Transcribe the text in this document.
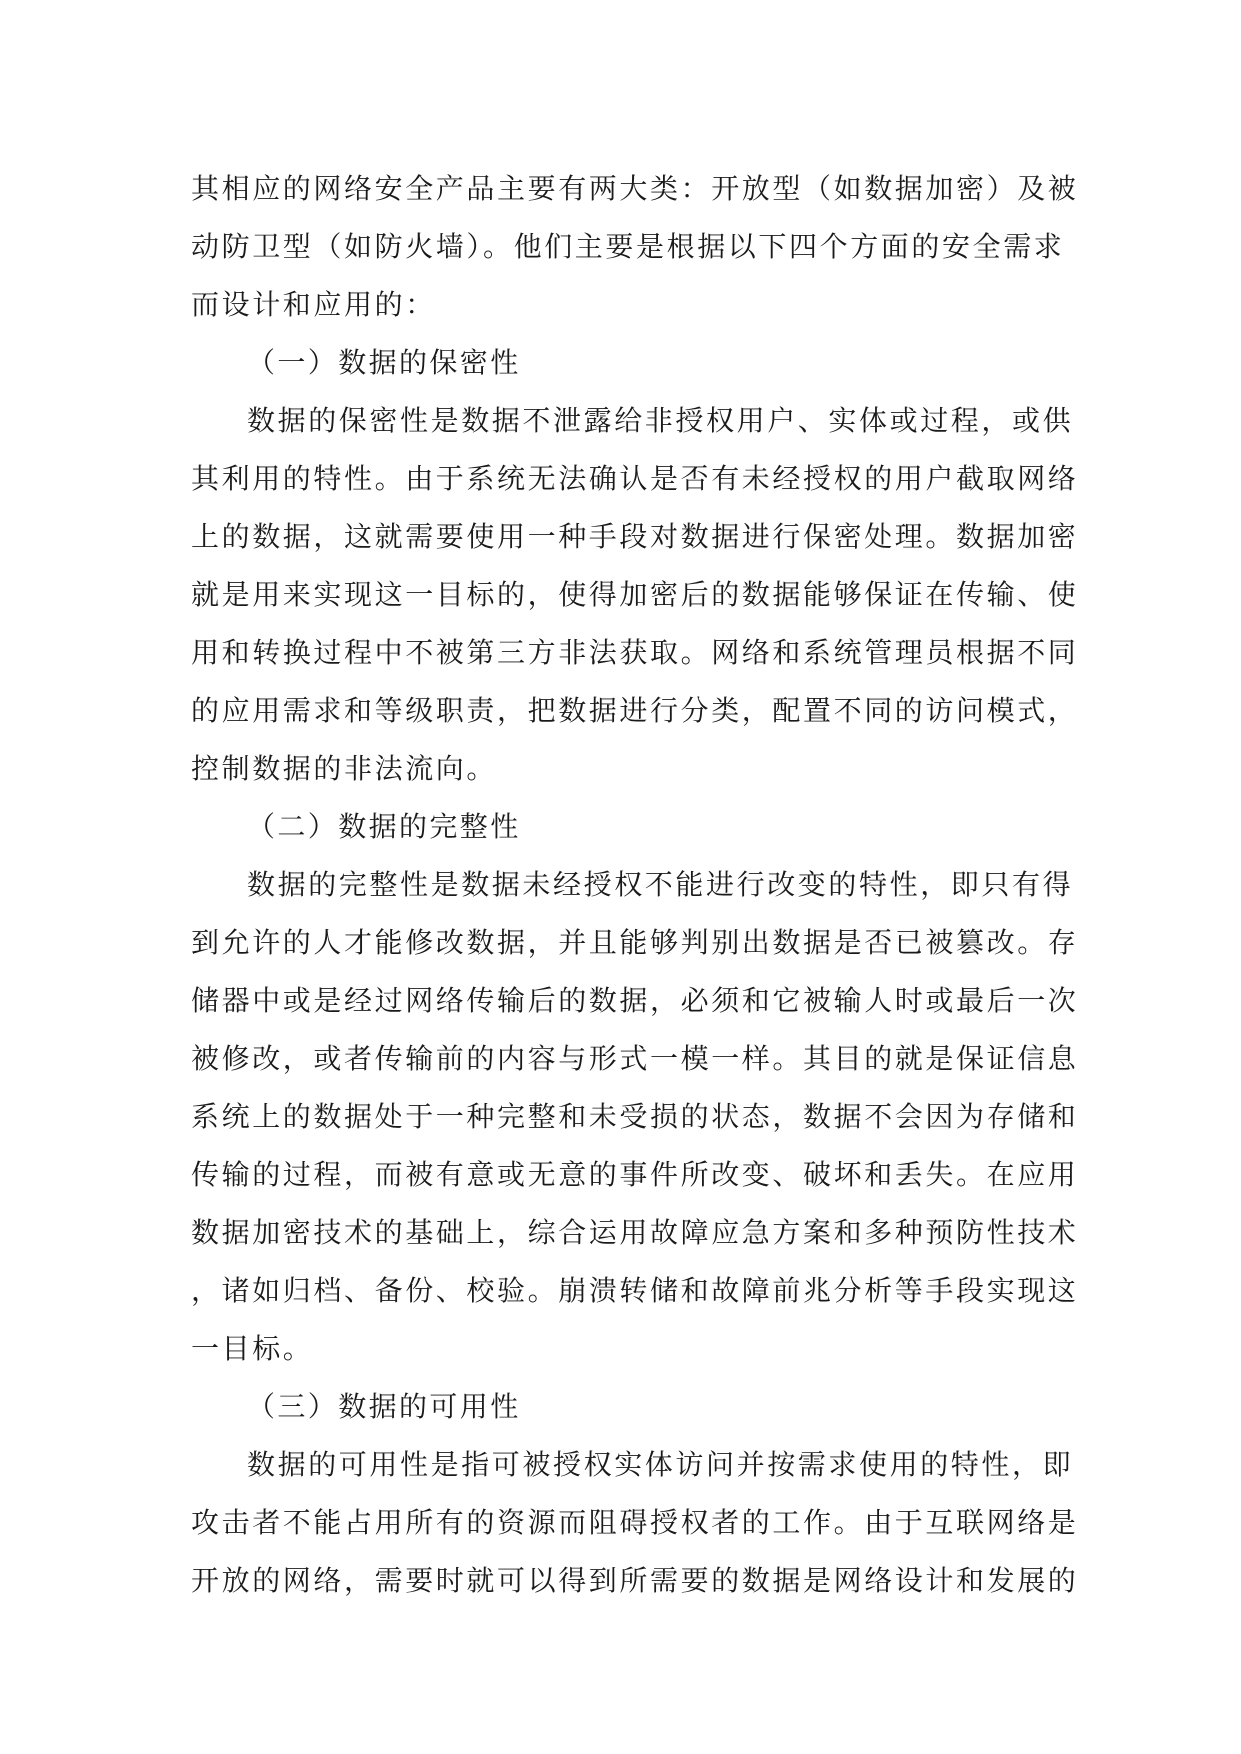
其相应的网络安全产品主要有两大类：开放型（如数据加密）及被
动防卫型（如防火墙）。他们主要是根据以下四个方面的安全需求
而设计和应用的：
（一）数据的保密性
数据的保密性是数据不泄露给非授权用户、实体或过程，或供
其利用的特性。由于系统无法确认是否有未经授权的用户截取网络
上的数据，这就需要使用一种手段对数据进行保密处理。数据加密
就是用来实现这一目标的，使得加密后的数据能够保证在传输、使
用和转换过程中不被第三方非法获取。网络和系统管理员根据不同
的应用需求和等级职责，把数据进行分类，配置不同的访问模式，
控制数据的非法流向。
（二）数据的完整性
数据的完整性是数据未经授权不能进行改变的特性，即只有得
到允许的人才能修改数据，并且能够判别出数据是否已被篡改。存
储器中或是经过网络传输后的数据，必须和它被输人时或最后一次
被修改，或者传输前的内容与形式一模一样。其目的就是保证信息
系统上的数据处于一种完整和未受损的状态，数据不会因为存储和
传输的过程，而被有意或无意的事件所改变、破坏和丢失。在应用
数据加密技术的基础上，综合运用故障应急方案和多种预防性技术
，诸如归档、备份、校验。崩溃转储和故障前兆分析等手段实现这
一目标。
（三）数据的可用性
数据的可用性是指可被授权实体访问并按需求使用的特性，即
攻击者不能占用所有的资源而阻碍授权者的工作。由于互联网络是
开放的网络，需要时就可以得到所需要的数据是网络设计和发展的
